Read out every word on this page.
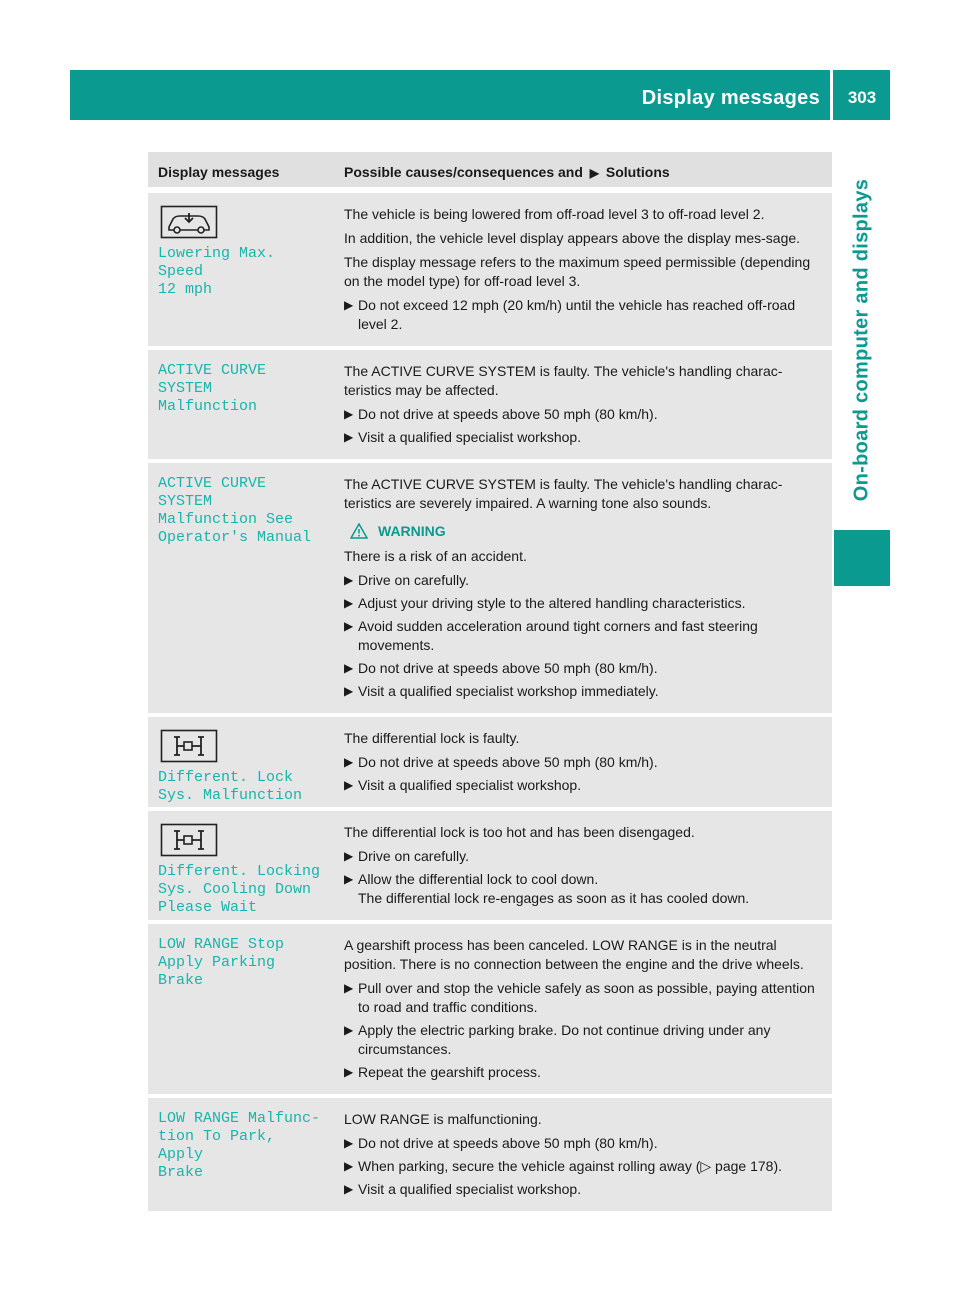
Display messages	303
On-board computer and displays
Display messages	Possible causes/consequences and ▶ Solutions
Lowering Max. Speed
12 mph
The vehicle is being lowered from off-road level 3 to off-road level 2.
In addition, the vehicle level display appears above the display mes-sage.
The display message refers to the maximum speed permissible (depending on the model type) for off-road level 3.
▶ Do not exceed 12 mph (20 km/h) until the vehicle has reached off-road level 2.
ACTIVE CURVE SYSTEM
Malfunction
The ACTIVE CURVE SYSTEM is faulty. The vehicle's handling charac-teristics may be affected.
▶ Do not drive at speeds above 50 mph (80 km/h).
▶ Visit a qualified specialist workshop.
ACTIVE CURVE SYSTEM
Malfunction See
Operator's Manual
The ACTIVE CURVE SYSTEM is faulty. The vehicle's handling charac-teristics are severely impaired. A warning tone also sounds.
WARNING
There is a risk of an accident.
▶ Drive on carefully.
▶ Adjust your driving style to the altered handling characteristics.
▶ Avoid sudden acceleration around tight corners and fast steering movements.
▶ Do not drive at speeds above 50 mph (80 km/h).
▶ Visit a qualified specialist workshop immediately.
Different. Lock
Sys. Malfunction
The differential lock is faulty.
▶ Do not drive at speeds above 50 mph (80 km/h).
▶ Visit a qualified specialist workshop.
Different. Locking
Sys. Cooling Down
Please Wait
The differential lock is too hot and has been disengaged.
▶ Drive on carefully.
▶ Allow the differential lock to cool down.
The differential lock re-engages as soon as it has cooled down.
LOW RANGE Stop
Apply Parking Brake
A gearshift process has been canceled. LOW RANGE is in the neutral position. There is no connection between the engine and the drive wheels.
▶ Pull over and stop the vehicle safely as soon as possible, paying attention to road and traffic conditions.
▶ Apply the electric parking brake. Do not continue driving under any circumstances.
▶ Repeat the gearshift process.
LOW RANGE Malfunc-
tion To Park, Apply
Brake
LOW RANGE is malfunctioning.
▶ Do not drive at speeds above 50 mph (80 km/h).
▶ When parking, secure the vehicle against rolling away (▷ page 178).
▶ Visit a qualified specialist workshop.
